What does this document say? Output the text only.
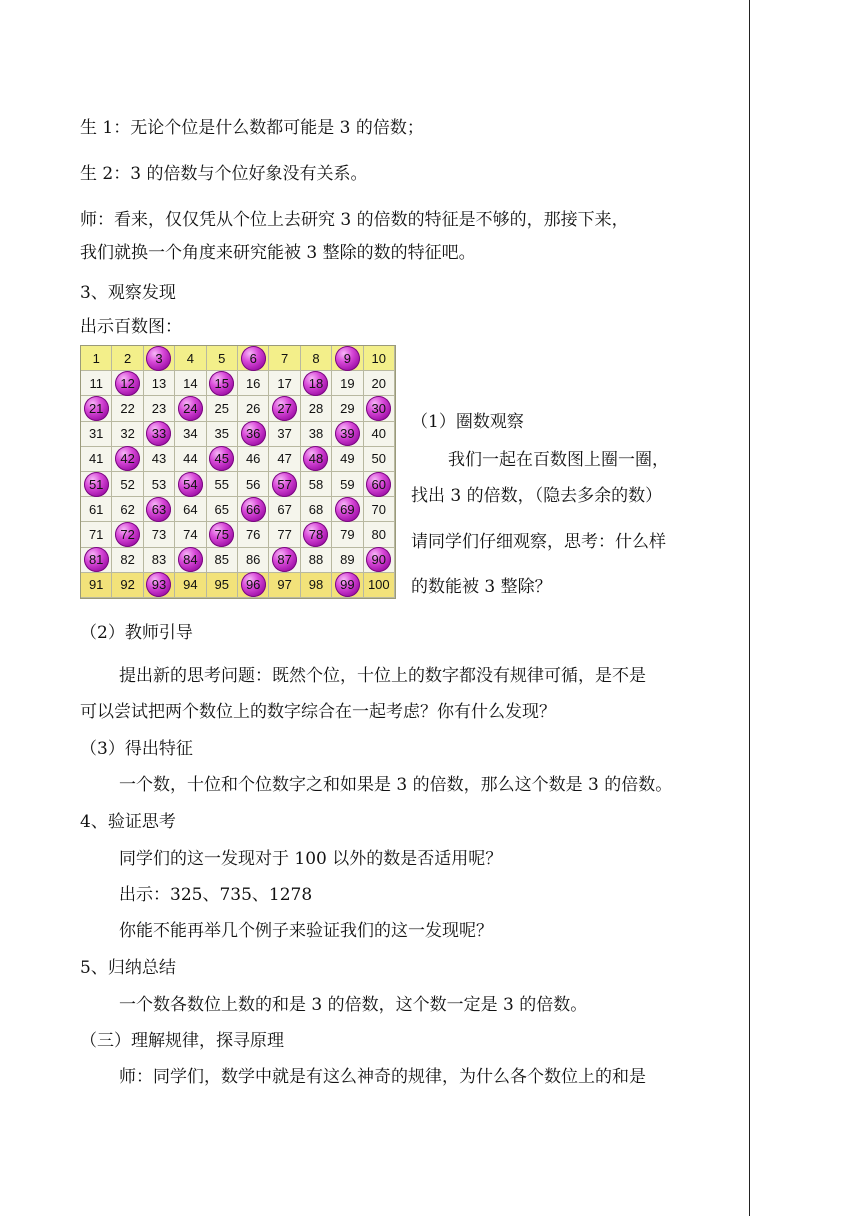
生 1：无论个位是什么数都可能是 3 的倍数；
生 2：3 的倍数与个位好象没有关系。
师：看来，仅仅凭从个位上去研究 3 的倍数的特征是不够的，那接下来，
我们就换一个角度来研究能被 3 整除的数的特征吧。
3、观察发现
出示百数图：
1 2 3 4 5 6 7 8 9 10
11 12 13 14 15 16 17 18 19 20
21 22 23 24 25 26 27 28 29 30
31 32 33 34 35 36 37 38 39 40
41 42 43 44 45 46 47 48 49 50
51 52 53 54 55 56 57 58 59 60
61 62 63 64 65 66 67 68 69 70
71 72 73 74 75 76 77 78 79 80
81 82 83 84 85 86 87 88 89 90
91 92 93 94 95 96 97 98 99 100
（1）圈数观察
我们一起在百数图上圈一圈，
找出 3 的倍数，（隐去多余的数）
请同学们仔细观察，思考：什么样
的数能被 3 整除？
（2）教师引导
提出新的思考问题：既然个位，十位上的数字都没有规律可循，是不是
可以尝试把两个数位上的数字综合在一起考虑？你有什么发现？
（3）得出特征
一个数，十位和个位数字之和如果是 3 的倍数，那么这个数是 3 的倍数。
4、验证思考
同学们的这一发现对于 100 以外的数是否适用呢？
出示：325、735、1278
你能不能再举几个例子来验证我们的这一发现呢？
5、归纳总结
一个数各数位上数的和是 3 的倍数，这个数一定是 3 的倍数。
（三）理解规律，探寻原理
师：同学们，数学中就是有这么神奇的规律，为什么各个数位上的和是
